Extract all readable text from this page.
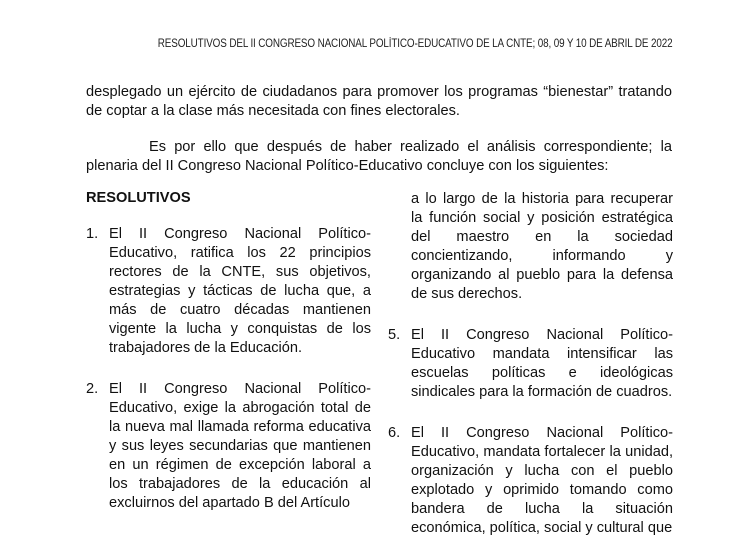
RESOLUTIVOS DEL II CONGRESO NACIONAL POLÍTICO-EDUCATIVO DE LA CNTE; 08, 09 Y 10 DE ABRIL DE 2022
desplegado un ejército de ciudadanos para promover los programas “bienestar” tratando de coptar a la clase más necesitada con fines electorales.
Es por ello que después de haber realizado el análisis correspondiente; la plenaria del II Congreso Nacional Político-Educativo concluye con los siguientes:
RESOLUTIVOS
1. El II Congreso Nacional Político-Educativo, ratifica los 22 principios rectores de la CNTE, sus objetivos, estrategias y tácticas de lucha que, a más de cuatro décadas mantienen vigente la lucha y conquistas de los trabajadores de la Educación.
2. El II Congreso Nacional Político-Educativo, exige la abrogación total de la nueva mal llamada reforma educativa y sus leyes secundarias que mantienen en un régimen de excepción laboral a los trabajadores de la educación al excluirnos del apartado B del Artículo
a lo largo de la historia para recuperar la función social y posición estratégica del maestro en la sociedad concientizando, informando y organizando al pueblo para la defensa de sus derechos.
5. El II Congreso Nacional Político-Educativo mandata intensificar las escuelas políticas e ideológicas sindicales para la formación de cuadros.
6. El II Congreso Nacional Político-Educativo, mandata fortalecer la unidad, organización y lucha con el pueblo explotado y oprimido tomando como bandera de lucha la situación económica, política, social y cultural que
